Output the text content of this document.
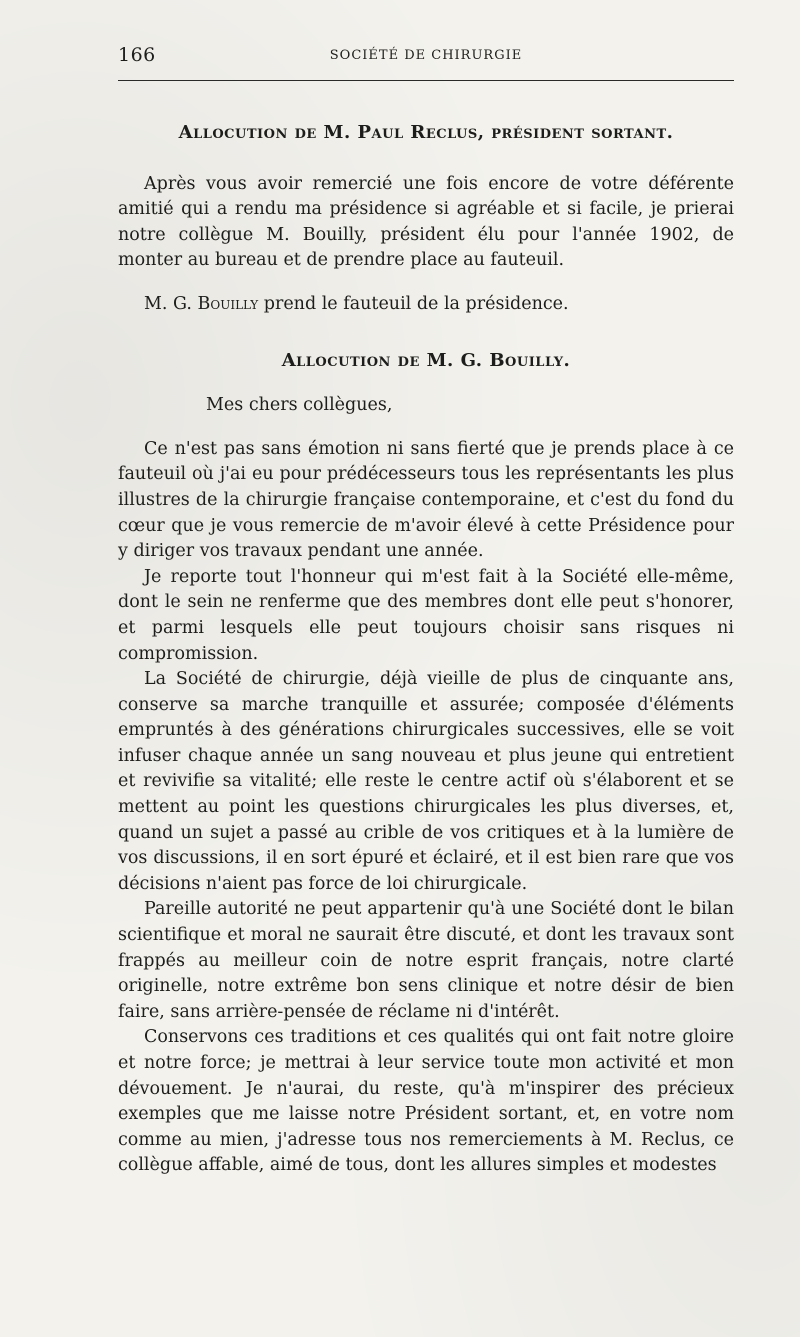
166	SOCIÉTÉ DE CHIRURGIE
Allocution de M. Paul Reclus, président sortant.

Après vous avoir remercié une fois encore de votre déférente amitié qui a rendu ma présidence si agréable et si facile, je prierai notre collègue M. Bouilly, président élu pour l'année 1902, de monter au bureau et de prendre place au fauteuil.

M. G. Bouilly prend le fauteuil de la présidence.

Allocution de M. G. Bouilly.

Mes chers collègues,

Ce n'est pas sans émotion ni sans fierté que je prends place à ce fauteuil où j'ai eu pour prédécesseurs tous les représentants les plus illustres de la chirurgie française contemporaine, et c'est du fond du cœur que je vous remercie de m'avoir élevé à cette Présidence pour y diriger vos travaux pendant une année.

Je reporte tout l'honneur qui m'est fait à la Société elle-même, dont le sein ne renferme que des membres dont elle peut s'honorer, et parmi lesquels elle peut toujours choisir sans risques ni compromission.

La Société de chirurgie, déjà vieille de plus de cinquante ans, conserve sa marche tranquille et assurée; composée d'éléments empruntés à des générations chirurgicales successives, elle se voit infuser chaque année un sang nouveau et plus jeune qui entretient et revivifie sa vitalité; elle reste le centre actif où s'élaborent et se mettent au point les questions chirurgicales les plus diverses, et, quand un sujet a passé au crible de vos critiques et à la lumière de vos discussions, il en sort épuré et éclairé, et il est bien rare que vos décisions n'aient pas force de loi chirurgicale.

Pareille autorité ne peut appartenir qu'à une Société dont le bilan scientifique et moral ne saurait être discuté, et dont les travaux sont frappés au meilleur coin de notre esprit français, notre clarté originelle, notre extrême bon sens clinique et notre désir de bien faire, sans arrière-pensée de réclame ni d'intérêt.

Conservons ces traditions et ces qualités qui ont fait notre gloire et notre force; je mettrai à leur service toute mon activité et mon dévouement. Je n'aurai, du reste, qu'à m'inspirer des précieux exemples que me laisse notre Président sortant, et, en votre nom comme au mien, j'adresse tous nos remerciements à M. Reclus, ce collègue affable, aimé de tous, dont les allures simples et modestes
